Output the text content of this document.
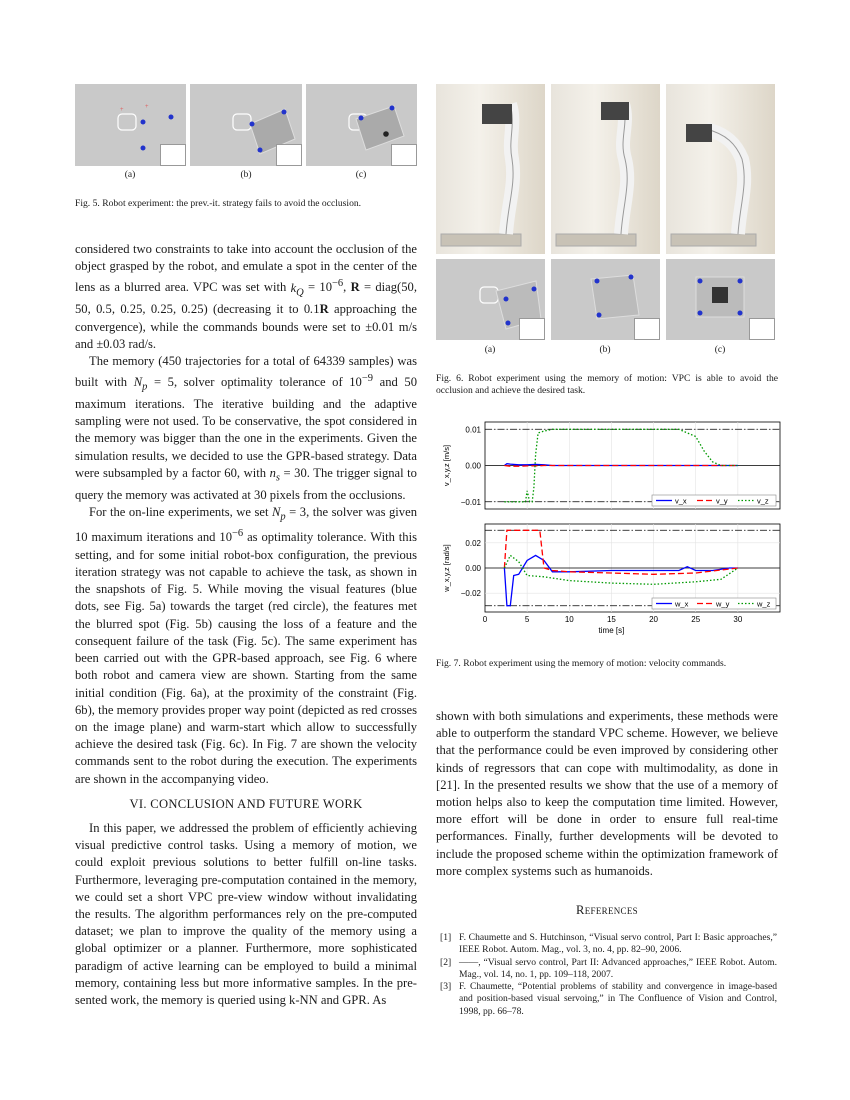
+	+
(a)	(b)	(c)
Fig. 5. Robot experiment: the prev.-it. strategy fails to avoid the occlusion.

considered two constraints to take into account the occlusion of the object grasped by the robot, and emulate a spot in the center of the lens as a blurred area. VPC was set with $k_Q = 10^{-6}$, R = diag(50, 50, 0.5, 0.25, 0.25, 0.25) (decreasing it to 0.1R approaching the convergence), while the commands bounds were set to ±0.01 m/s and ±0.03 rad/s.

The memory (450 trajectories for a total of 64339 samples) was built with $N_p = 5$, solver optimality tolerance of $10^{-9}$ and 50 maximum iterations. The iterative building and the adaptive sampling were not used. To be conservative, the spot considered in the memory was bigger than the one in the experiments. Given the simulation results, we decided to use the GPR-based strategy. Data were subsampled by a factor 60, with $n_s = 30$. The trigger signal to query the memory was activated at 30 pixels from the occlusions.

For the on-line experiments, we set $N_p = 3$, the solver was given 10 maximum iterations and $10^{-6}$ as optimality tolerance. With this setting, and for some initial robot-box configuration, the previous iteration strategy was not capable to achieve the task, as shown in the snapshots of Fig. 5. While moving the visual features (blue dots, see Fig. 5a) towards the target (red circle), the features met the blurred spot (Fig. 5b) causing the loss of a feature and the consequent failure of the task (Fig. 5c). The same experiment has been carried out with the GPR-based approach, see Fig. 6 where both robot and camera view are shown. Starting from the same initial condition (Fig. 6a), at the proximity of the constraint (Fig. 6b), the memory provides proper way point (depicted as red crosses on the image plane) and warm-start which allow to successfully achieve the desired task (Fig. 6c). In Fig. 7 are shown the velocity commands sent to the robot during the execution. The experiments are shown in the accompanying video.

VI. CONCLUSION AND FUTURE WORK

In this paper, we addressed the problem of efficiently achieving visual predictive control tasks. Using a memory of motion, we could exploit previous solutions to better fulfill on-line tasks. Furthermore, leveraging pre-computation contained in the memory, we could set a short VPC pre-view window without invalidating the results. The algorithm performances rely on the pre-computed dataset; we plan to improve the quality of the memory using a global optimizer or a planner. Furthermore, more sophisticated paradigm of active learning can be employed to build a minimal memory, containing less but more informative samples. In the pre-sented work, the memory is queried using k-NN and GPR. As

(a)	(b)	(c)
Fig. 6. Robot experiment using the memory of motion: VPC is able to avoid the occlusion and achieve the desired task.
0.01
0.00
−0.01
v_x,y,z [m/s]
v_x	v_y	v_z
0.02
0.00
−0.02
w_x,y,z [rad/s]
w_x	w_y	w_z
0	5	10	15	20	25	30
time [s]
Fig. 7. Robot experiment using the memory of motion: velocity commands.

shown with both simulations and experiments, these methods were able to outperform the standard VPC scheme. However, we believe that the performance could be even improved by considering other kinds of regressors that can cope with multimodality, as done in [21]. In the presented results we show that the use of a memory of motion helps also to keep the computation time limited. However, more effort will be done in order to ensure full real-time performances. Finally, further developments will be devoted to include the proposed scheme within the optimization framework of more complex systems such as humanoids.

References
[1] F. Chaumette and S. Hutchinson, “Visual servo control, Part I: Basic approaches,” IEEE Robot. Autom. Mag., vol. 3, no. 4, pp. 82–90, 2006.
[2] ——, “Visual servo control, Part II: Advanced approaches,” IEEE Robot. Autom. Mag., vol. 14, no. 1, pp. 109–118, 2007.
[3] F. Chaumette, “Potential problems of stability and convergence in image-based and position-based visual servoing,” in The Confluence of Vision and Control, 1998, pp. 66–78.
